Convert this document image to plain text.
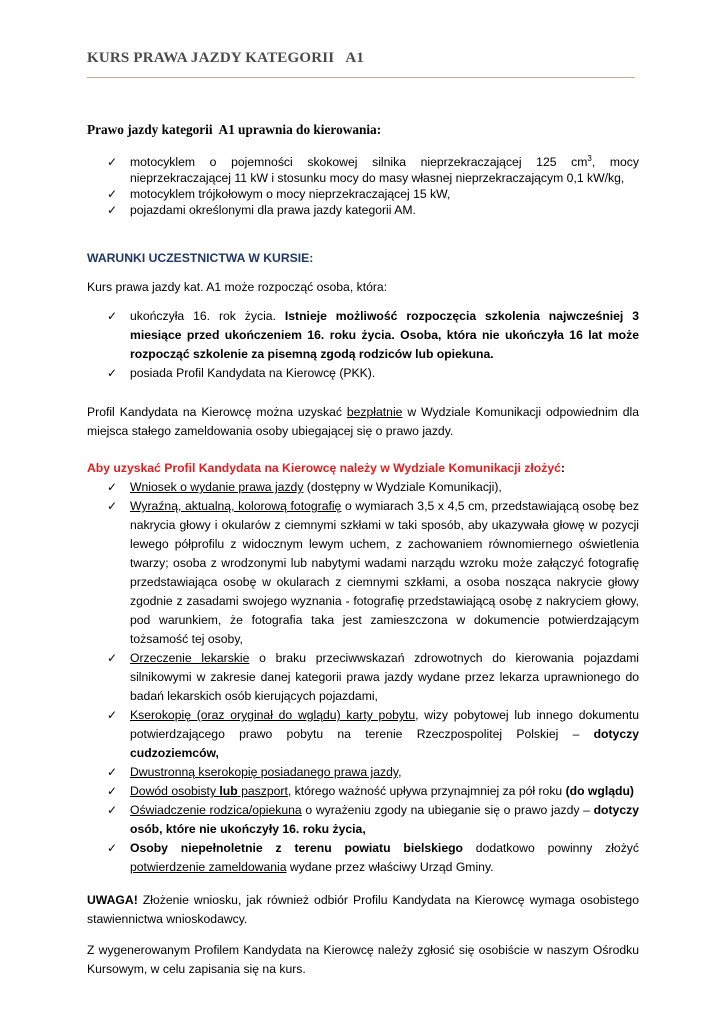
KURS PRAWA JAZDY KATEGORII   A1
Prawo jazdy kategorii  A1 uprawnia do kierowania:
✓ motocyklem o pojemności skokowej silnika nieprzekraczającej 125 $cm^3$, mocy nieprzekraczającej 11 kW i stosunku mocy do masy własnej nieprzekraczającym 0,1 kW/kg,
✓ motocyklem trójkołowym o mocy nieprzekraczającej 15 kW,
✓ pojazdami określonymi dla prawa jazdy kategorii AM.
WARUNKI UCZESTNICTWA W KURSIE:
Kurs prawa jazdy kat. A1 może rozpocząć osoba, która:
✓ ukończyła 16. rok życia. Istnieje możliwość rozpoczęcia szkolenia najwcześniej 3 miesiące przed ukończeniem 16. roku życia. Osoba, która nie ukończyła 16 lat może rozpocząć szkolenie za pisemną zgodą rodziców lub opiekuna.
✓ posiada Profil Kandydata na Kierowcę (PKK).
Profil Kandydata na Kierowcę można uzyskać bezpłatnie w Wydziale Komunikacji odpowiednim dla miejsca stałego zameldowania osoby ubiegającej się o prawo jazdy.
Aby uzyskać Profil Kandydata na Kierowcę należy w Wydziale Komunikacji złożyć:
✓ Wniosek o wydanie prawa jazdy (dostępny w Wydziale Komunikacji),
✓ Wyraźną, aktualną, kolorową fotografię o wymiarach 3,5 x 4,5 cm, przedstawiającą osobę bez nakrycia głowy i okularów z ciemnymi szkłami w taki sposób, aby ukazywała głowę w pozycji lewego półprofilu z widocznym lewym uchem, z zachowaniem równomiernego oświetlenia twarzy; osoba z wrodzonymi lub nabytymi wadami narządu wzroku może załączyć fotografię przedstawiająca osobę w okularach z ciemnymi szkłami, a osoba nosząca nakrycie głowy zgodnie z zasadami swojego wyznania - fotografię przedstawiającą osobę z nakryciem głowy, pod warunkiem, że fotografia taka jest zamieszczona w dokumencie potwierdzającym tożsamość tej osoby,
✓ Orzeczenie lekarskie o braku przeciwwskazań zdrowotnych do kierowania pojazdami silnikowymi w zakresie danej kategorii prawa jazdy wydane przez lekarza uprawnionego do badań lekarskich osób kierujących pojazdami,
✓ Kserokopię (oraz oryginał do wglądu) karty pobytu, wizy pobytowej lub innego dokumentu potwierdzającego prawo pobytu na terenie Rzeczpospolitej Polskiej – dotyczy cudzoziemców,
✓ Dwustronną kserokopię posiadanego prawa jazdy,
✓ Dowód osobisty lub paszport, którego ważność upływa przynajmniej za pół roku (do wglądu)
✓ Oświadczenie rodzica/opiekuna o wyrażeniu zgody na ubieganie się o prawo jazdy – dotyczy osób, które nie ukończyły 16. roku życia,
✓ Osoby niepełnoletnie z terenu powiatu bielskiego dodatkowo powinny złożyć potwierdzenie zameldowania wydane przez właściwy Urząd Gminy.
UWAGA! Złożenie wniosku, jak również odbiór Profilu Kandydata na Kierowcę wymaga osobistego stawiennictwa wnioskodawcy.
Z wygenerowanym Profilem Kandydata na Kierowcę należy zgłosić się osobiście w naszym Ośrodku Kursowym, w celu zapisania się na kurs.
